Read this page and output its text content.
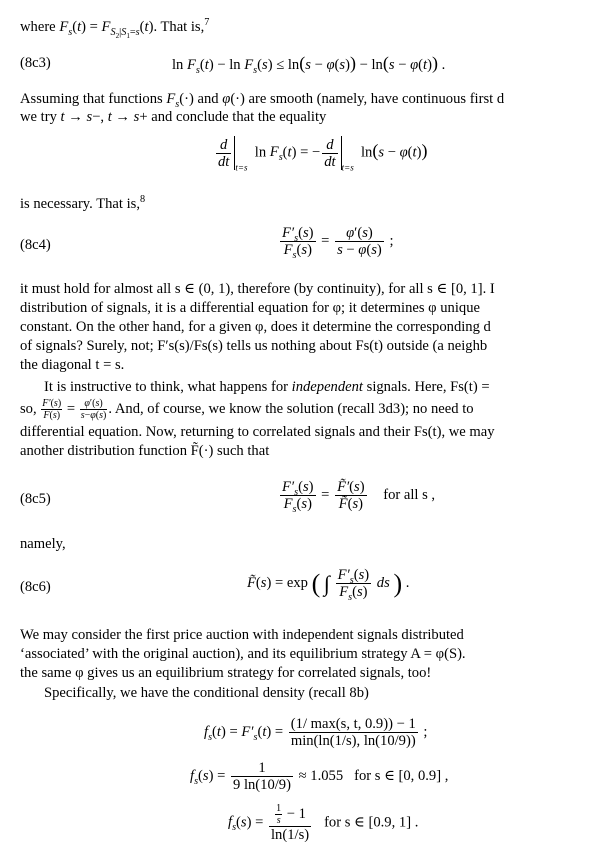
where $F_s(t) = F_{S_2|S_1=s}(t)$. That is,$^7$
(8c3)	$\ln F_s(t) - \ln F_s(s) \le \ln(s - \varphi(s)) - \ln(s - \varphi(t))$ .
Assuming that functions $F_s(\cdot)$ and φ(·) are smooth (namely, have continuous first d
we try t → s−, t → s+ and conclude that the equality
$\frac{d}{dt} _{t=s}$  $\ln F_s(t)$ = − $\frac{d}{dt} _{t=s}$  ln(s − φ(t))
is necessary. That is,$^8$
(8c4)	$\frac{F'_s(s)}{F_s(s)} = \frac{\varphi'(s)}{s - \varphi(s)}$ ;
it must hold for almost all s ∈ (0, 1), therefore (by continuity), for all s ∈ [0, 1]. I
distribution of signals, it is a differential equation for φ; it determines φ unique
constant. On the other hand, for a given φ, does it determine the corresponding d
of signals? Surely, not; F′s(s)/Fs(s) tells us nothing about Fs(t) outside (a neighb
the diagonal t = s.
It is instructive to think, what happens for independent signals. Here, Fs(t) =
so, $\frac{F'(s)}{F(s)} = \frac{\varphi'(s)}{s-\varphi(s)}$ . And, of course, we know the solution (recall 3d3); no need to
differential equation. Now, returning to correlated signals and their Fs(t), we may
another distribution function F̃(·) such that
(8c5)	$\frac{F'_s(s)}{F_s(s)} = \frac{F̃'(s)}{F̃(s)}$ for all s ,
namely,
(8c6)	F̃(s) = exp ( ∫ $\frac{F'_s(s)}{F_s(s)}$ ds ) .
We may consider the first price auction with independent signals distributed
‘associated’ with the original auction), and its equilibrium strategy A = φ(S).
the same φ gives us an equilibrium strategy for correlated signals, too!
Specifically, we have the conditional density (recall 8b)
$f_s(t) = F'_s(t) = \frac{(1/ \max(s, t, 0.9)) - 1}{\min(\ln(1/s), \ln(10/9))}$ ;
$f_s(s) = \frac{1}{9 \ln(10/9)} \approx 1.055$ for s ∈ [0, 0.9] ,
$f_s(s) = \frac{\frac{1}{s} - 1}{\ln(1/s)}$ for s ∈ [0.9, 1] .
